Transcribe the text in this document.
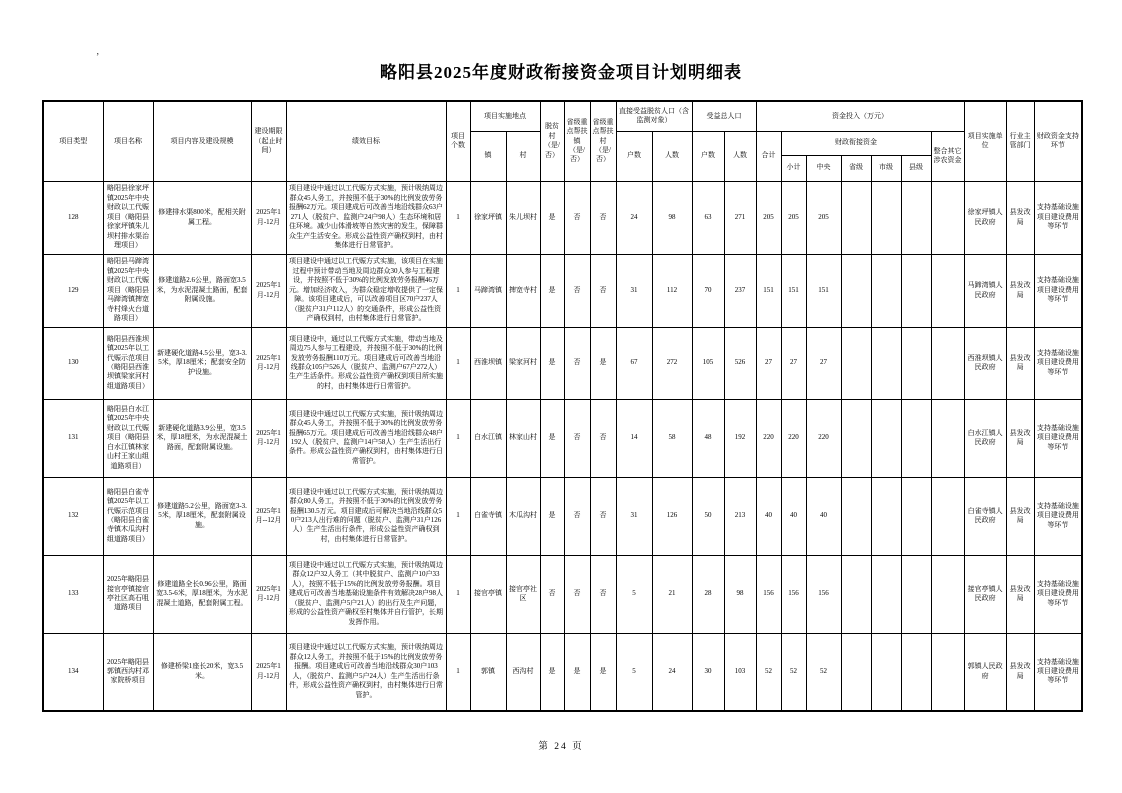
’
略阳县2025年度财政衔接资金项目计划明细表
项目类型	项目名称	项目内容及建设规模	建设期限（起止时间）	绩效目标	项目个数	项目实施地点		脱贫村（是/否）	省级重点帮扶镇（是/否）	省级重点帮扶村（是/否）	直接受益脱贫人口（含监测对象）		受益总人口		资金投入（万元）							项目实施单位	行业主管部门	财政资金支持环节
						镇	村				户数	人数	户数	人数	合计	财政衔接资金					整合其它涉农资金			
																小计	中央	省级	市级	县级				
128	略阳县徐家坪镇2025年中央财政以工代赈项目（略阳县徐家坪镇朱儿坝村排水渠治理项目）	修建排水渠800米，配相关附属工程。	2025年1月-12月	项目建设中通过以工代赈方式实施，预计吸纳周边群众45人务工，并按照不低于30%的比例发放劳务报酬62万元。项目建成后可改善当地沿线群众63户271人（脱贫户、监测户24户98人）生态环境和居住环境。减少山体滑坡等自然灾害的发生，保障群众生产生活安全。形成公益性资产确权到村，由村集体进行日常管护。	1	徐家坪镇	朱儿坝村	是	否	否	24	98	63	271	205	205	205					徐家坪镇人民政府	县发改局	支持基础设施项目建设费用等环节
129	略阳县马蹄湾镇2025年中央财政以工代赈项目（略阳县马蹄湾镇捭宽寺村烽火台道路项目）	修建道路2.6公里，路面宽3.5米，为水泥混凝土路面，配套附属设施。	2025年1月-12月	项目建设中通过以工代赈方式实施，该项目在实施过程中预计带动当地及周边群众30人参与工程建设，并按照不低于30%的比例发放劳务报酬46万元。增加经济收入，为群众稳定增收提供了一定保障。该项目建成后，可以改善项目区70户237人（脱贫户31户112人）的交通条件，形成公益性资产确权到村，由村集体进行日常管护。	1	马蹄湾镇	捭宽寺村	是	否	否	31	112	70	237	151	151	151					马蹄湾镇人民政府	县发改局	支持基础设施项目建设费用等环节
130	略阳县西淮坝镇2025年以工代赈示范项目（略阳县西淮坝镇梁家河村组道路项目）	新建硬化道路4.5公里，宽3-3.5米，厚18厘米；配套安全防护设施。	2025年1月-12月	项目建设中，通过以工代赈方式实施，带动当地及周边75人参与工程建设，并按照不低于30%的比例发放劳务报酬110万元。项目建成后可改善当地沿线群众105户526人（脱贫户、监测户67户272人）生产生活条件。形成公益性资产确权到项目所实施的村，由村集体进行日常管护。	1	西淮坝镇	梁家河村	是	否	是	67	272	105	526	27	27	27					西淮坝镇人民政府	县发改局	支持基础设施项目建设费用等环节
131	略阳县白水江镇2025年中央财政以工代赈项目（略阳县白水江镇林家山村王家山组道路项目）	新建硬化道路3.9公里，宽3.5米，厚18厘米，为水泥混凝土路面，配套附属设施。	2025年1月-12月	项目建设中通过以工代赈方式实施，预计吸纳周边群众45人务工，并按照不低于30%的比例发放劳务报酬65万元。项目建成后可改善当地沿线群众48户192人（脱贫户、监测户14户58人）生产生活出行条件。形成公益性资产确权到村，由村集体进行日常管护。	1	白水江镇	林家山村	是	否	否	14	58	48	192	220	220	220					白水江镇人民政府	县发改局	支持基础设施项目建设费用等环节
132	略阳县白雀寺镇2025年以工代赈示范项目（略阳县白雀寺镇木瓜沟村组道路项目）	修建道路5.2公里，路面宽3-3.5米，厚18厘米，配套附属设施。	2025年1月--12月	项目建设中通过以工代赈方式实施，预计吸纳周边群众80人务工，并按照不低于30%的比例发放劳务报酬130.5万元。项目建成后可解决当地沿线群众50户213人出行难的问题（脱贫户、监测户31户126人）生产生活出行条件，形成公益性资产确权到村，由村集体进行日常管护。	1	白雀寺镇	木瓜沟村	是	否	否	31	126	50	213	40	40	40					白雀寺镇人民政府	县发改局	支持基础设施项目建设费用等环节
133	2025年略阳县接官亭镇接官亭社区高石咀道路项目	修建道路全长0.96公里，路面宽3.5-6米，厚18厘米，为水泥混凝土道路，配套附属工程。	2025年1月-12月	项目建设中通过以工代赈方式实施，预计吸纳周边群众12户32人务工（其中脱贫户、监测户10户33人），按照不低于15%的比例发放劳务报酬。项目建成后可改善当地基础设施条件有效解决28户98人（脱贫户、监测户5户21人）的出行及生产问题，形成的公益性资产确权至村集体并自行管护，长期发挥作用。	1	接官亭镇	接官亭社区	否	否	否	5	21	28	98	156	156	156					接官亭镇人民政府	县发改局	支持基础设施项目建设费用等环节
134	2025年略阳县郭镇西沟村邓家院桥项目	修建桥梁1座长20米，宽3.5米。	2025年1月-12月	项目建设中通过以工代赈方式实施，预计吸纳周边群众12人务工，并按照不低于15%的比例发放劳务报酬。项目建成后可改善当地沿线群众30户103人，（脱贫户、监测户5户24人）生产生活出行条件，形成公益性资产确权到村，由村集体进行日常管护。	1	郭镇	西沟村	是	是	是	5	24	30	103	52	52	52					郭镇人民政府	县发改局	支持基础设施项目建设费用等环节
第 24 页
